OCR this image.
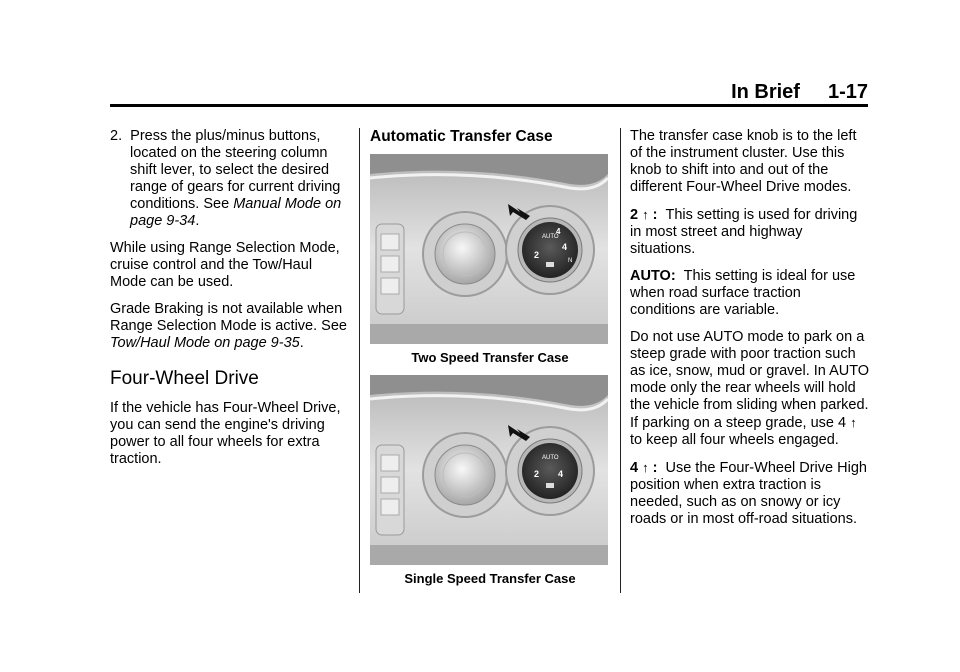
In Brief 1-17
2. Press the plus/minus buttons, located on the steering column shift lever, to select the desired range of gears for current driving conditions. See Manual Mode on page 9-34.

While using Range Selection Mode, cruise control and the Tow/Haul Mode can be used.

Grade Braking is not available when Range Selection Mode is active. See Tow/Haul Mode on page 9-35.

Four-Wheel Drive

If the vehicle has Four-Wheel Drive, you can send the engine's driving power to all four wheels for extra traction.

Automatic Transfer Case
AUTO
2
4
4
N
Two Speed Transfer Case
AUTO
2 4
Single Speed Transfer Case

The transfer case knob is to the left of the instrument cluster. Use this knob to shift into and out of the different Four-Wheel Drive modes.

2 ↑ : This setting is used for driving in most street and highway situations.

AUTO: This setting is ideal for use when road surface traction conditions are variable.

Do not use AUTO mode to park on a steep grade with poor traction such as ice, snow, mud or gravel. In AUTO mode only the rear wheels will hold the vehicle from sliding when parked. If parking on a steep grade, use 4 ↑ to keep all four wheels engaged.

4 ↑ : Use the Four-Wheel Drive High position when extra traction is needed, such as on snowy or icy roads or in most off-road situations.
